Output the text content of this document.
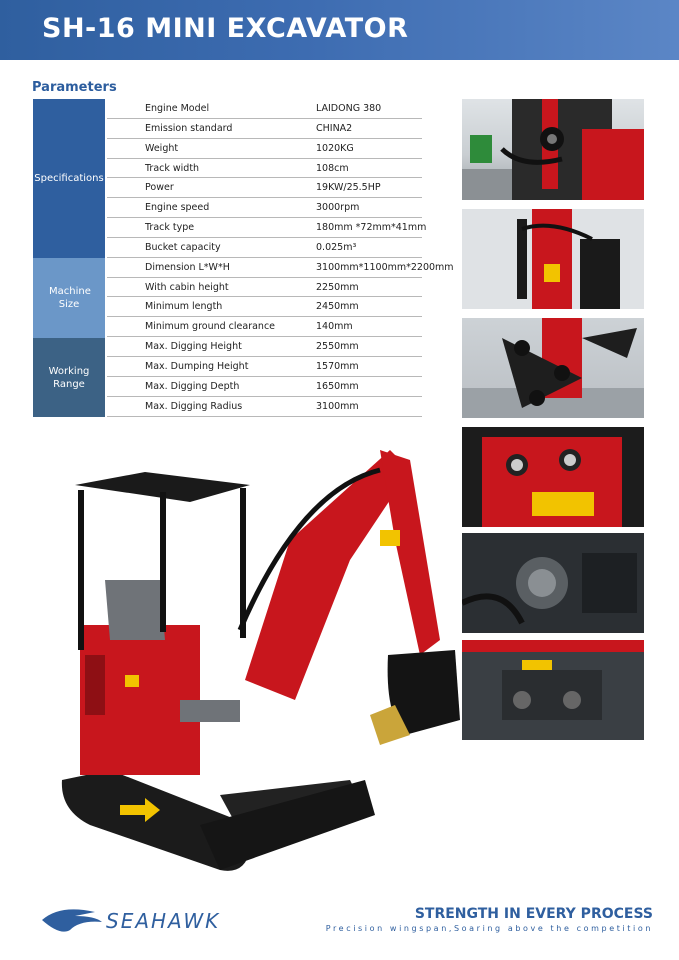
SH-16 MINI EXCAVATOR
Parameters
Specifications
Machine Size
Working Range
Engine Model	LAIDONG 380
Emission standard	CHINA2
Weight	1020KG
Track width	108cm
Power	19KW/25.5HP
Engine speed	3000rpm
Track type	180mm *72mm*41mm
Bucket capacity	0.025m³
Dimension L*W*H	3100mm*1100mm*2200mm
With cabin height	2250mm
Minimum length	2450mm
Minimum ground clearance	140mm
Max. Digging Height	2550mm
Max. Dumping Height	1570mm
Max. Digging Depth	1650mm
Max. Digging Radius	3100mm
SEAHAWK	STRENGTH IN EVERY PROCESS
Precision wingspan,Soaring above the competition
